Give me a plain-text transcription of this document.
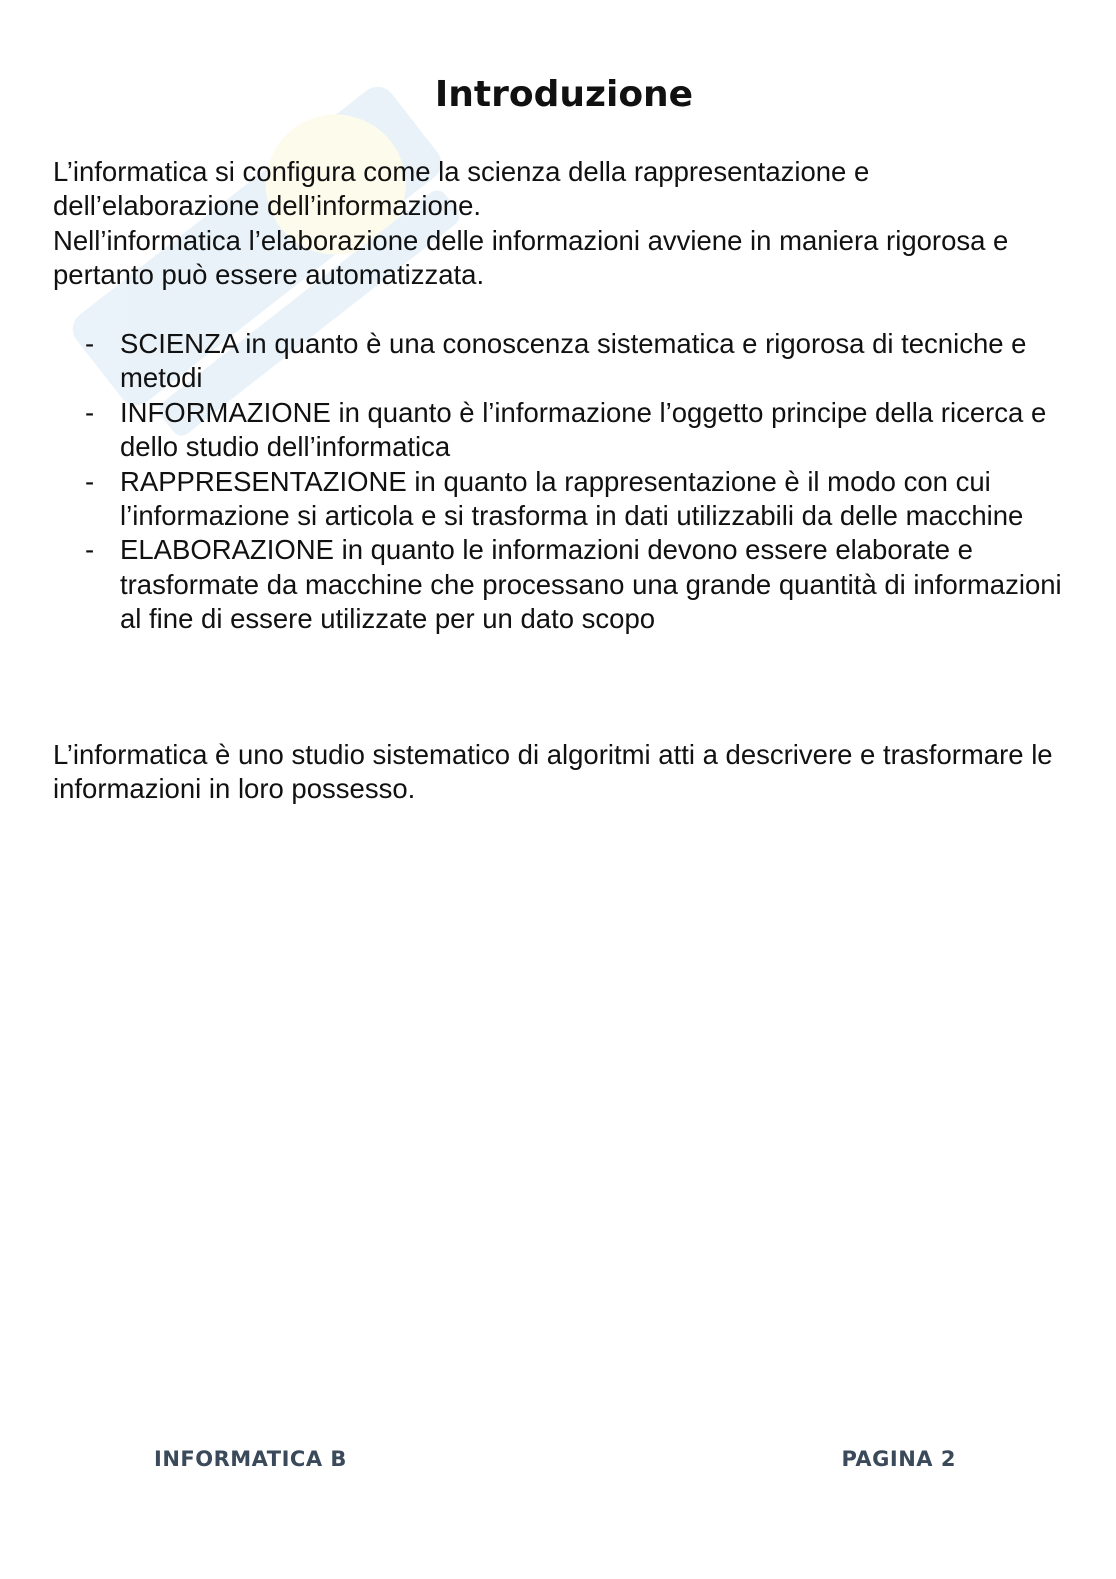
Introduzione

L’informatica si configura come la scienza della rappresentazione e dell’elaborazione dell’informazione.

Nell’informatica l’elaborazione delle informazioni avviene in maniera rigorosa e pertanto può essere automatizzata.

- SCIENZA in quanto è una conoscenza sistematica e rigorosa di tecniche e metodi
- INFORMAZIONE in quanto è l’informazione l’oggetto principe della ricerca e dello studio dell’informatica
- RAPPRESENTAZIONE in quanto la rappresentazione è il modo con cui l’informazione si articola e si trasforma in dati utilizzabili da delle macchine
- ELABORAZIONE in quanto le informazioni devono essere elaborate e trasformate da macchine che processano una grande quantità di informazioni al fine di essere utilizzate per un dato scopo

L’informatica è uno studio sistematico di algoritmi atti a descrivere e trasformare le informazioni in loro possesso.

INFORMATICA B	PAGINA 2
